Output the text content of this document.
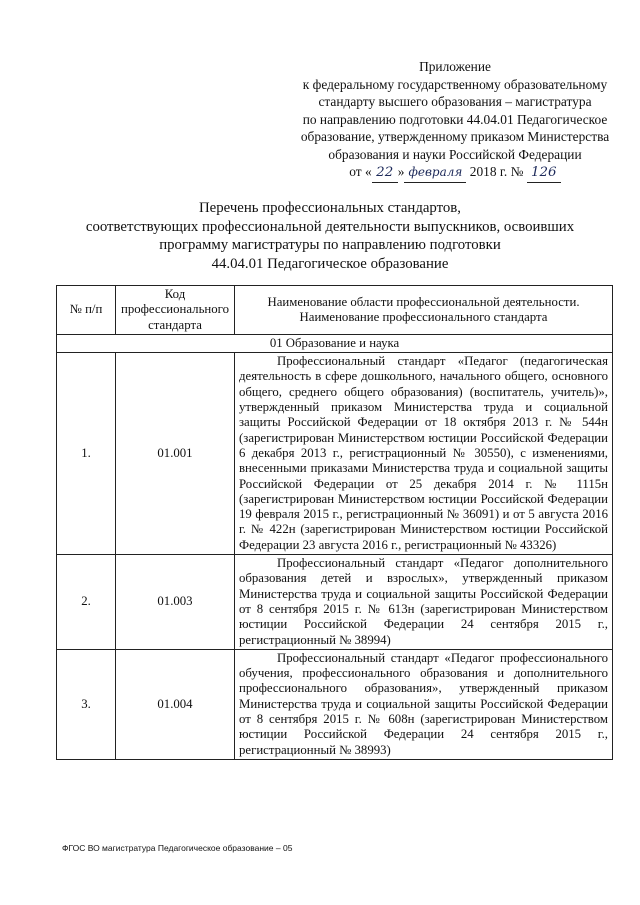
Приложение
к федеральному государственному образовательному
стандарту высшего образования – магистратура
по направлению подготовки 44.04.01 Педагогическое
образование, утвержденному приказом Министерства
образования и науки Российской Федерации
от « 22 » февраля 2018 г. № 126
Перечень профессиональных стандартов,
соответствующих профессиональной деятельности выпускников, освоивших
программу магистратуры по направлению подготовки
44.04.01 Педагогическое образование
№ п/п	Код профессионального стандарта	Наименование области профессиональной деятельности. Наименование профессионального стандарта
01 Образование и наука		
1.	01.001	Профессиональный стандарт «Педагог (педагогическая деятельность в сфере дошкольного, начального общего, основного общего, среднего общего образования) (воспитатель, учитель)», утвержденный приказом Министерства труда и социальной защиты Российской Федерации от 18 октября 2013 г. № 544н (зарегистрирован Министерством юстиции Российской Федерации 6 декабря 2013 г., регистрационный № 30550), с изменениями, внесенными приказами Министерства труда и социальной защиты Российской Федерации от 25 декабря 2014 г. № 1115н (зарегистрирован Министерством юстиции Российской Федерации 19 февраля 2015 г., регистрационный № 36091) и от 5 августа 2016 г. № 422н (зарегистрирован Министерством юстиции Российской Федерации 23 августа 2016 г., регистрационный № 43326)
2.	01.003	Профессиональный стандарт «Педагог дополнительного образования детей и взрослых», утвержденный приказом Министерства труда и социальной защиты Российской Федерации от 8 сентября 2015 г. № 613н (зарегистрирован Министерством юстиции Российской Федерации 24 сентября 2015 г., регистрационный № 38994)
3.	01.004	Профессиональный стандарт «Педагог профессионального обучения, профессионального образования и дополнительного профессионального образования», утвержденный приказом Министерства труда и социальной защиты Российской Федерации от 8 сентября 2015 г. № 608н (зарегистрирован Министерством юстиции Российской Федерации 24 сентября 2015 г., регистрационный № 38993)
ФГОС ВО магистратура Педагогическое образование – 05
